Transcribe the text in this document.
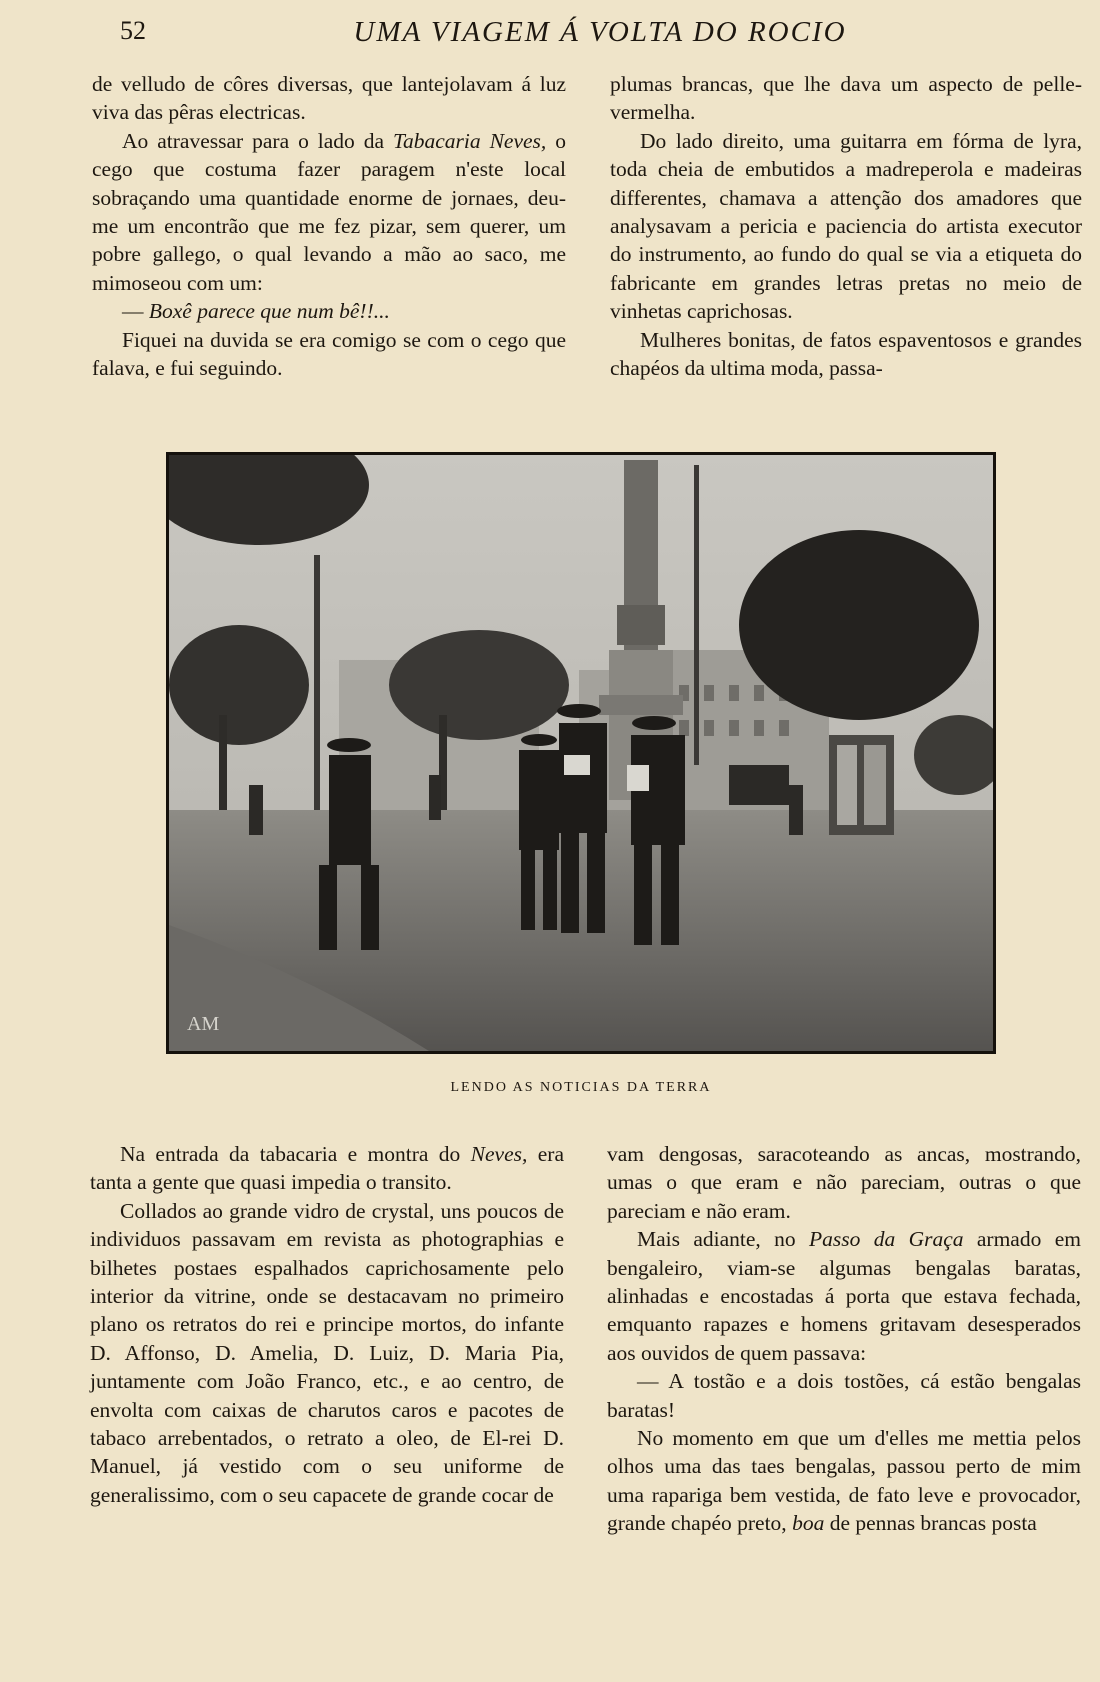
52	UMA VIAGEM Á VOLTA DO ROCIO

de velludo de côres diversas, que lantejolavam á luz viva das pêras electricas.

Ao atravessar para o lado da Tabacaria Neves, o cego que costuma fazer paragem n'este local sobraçando uma quantidade enorme de jornaes, deu-me um encontrão que me fez pizar, sem querer, um pobre gallego, o qual levando a mão ao saco, me mimoseou com um:

— Boxê parece que num bê!!...

Fiquei na duvida se era comigo se com o cego que falava, e fui seguindo.

plumas brancas, que lhe dava um aspecto de pelle-vermelha.

Do lado direito, uma guitarra em fórma de lyra, toda cheia de embutidos a madreperola e madeiras differentes, chamava a attenção dos amadores que analysavam a pericia e paciencia do artista executor do instrumento, ao fundo do qual se via a etiqueta do fabricante em grandes letras pretas no meio de vinhetas caprichosas.

Mulheres bonitas, de fatos espaventosos e grandes chapéos da ultima moda, passa-

AM
LENDO AS NOTICIAS DA TERRA

Na entrada da tabacaria e montra do Neves, era tanta a gente que quasi impedia o transito.

Collados ao grande vidro de crystal, uns poucos de individuos passavam em revista as photographias e bilhetes postaes espalhados caprichosamente pelo interior da vitrine, onde se destacavam no primeiro plano os retratos do rei e principe mortos, do infante D. Affonso, D. Amelia, D. Luiz, D. Maria Pia, juntamente com João Franco, etc., e ao centro, de envolta com caixas de charutos caros e pacotes de tabaco arrebentados, o retrato a oleo, de El-rei D. Manuel, já vestido com o seu uniforme de generalissimo, com o seu capacete de grande cocar de

vam dengosas, saracoteando as ancas, mostrando, umas o que eram e não pareciam, outras o que pareciam e não eram.

Mais adiante, no Passo da Graça armado em bengaleiro, viam-se algumas bengalas baratas, alinhadas e encostadas á porta que estava fechada, emquanto rapazes e homens gritavam desesperados aos ouvidos de quem passava:

— A tostão e a dois tostões, cá estão bengalas baratas!

No momento em que um d'elles me mettia pelos olhos uma das taes bengalas, passou perto de mim uma rapariga bem vestida, de fato leve e provocador, grande chapéo preto, boa de pennas brancas posta
